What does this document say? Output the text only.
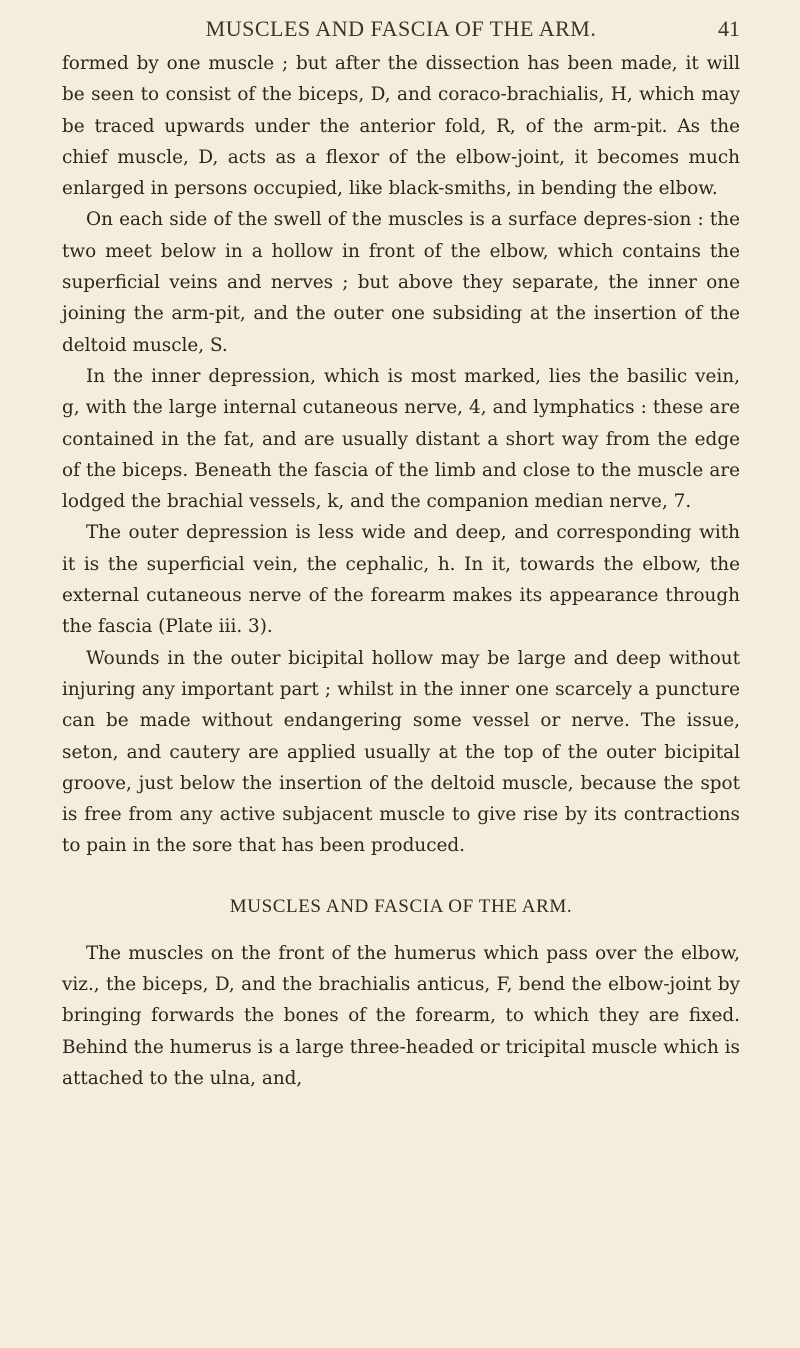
MUSCLES AND FASCIA OF THE ARM.	41

formed by one muscle ; but after the dissection has been made, it will be seen to consist of the biceps, D, and coraco-brachialis, H, which may be traced upwards under the anterior fold, R, of the arm-pit. As the chief muscle, D, acts as a flexor of the elbow-joint, it becomes much enlarged in persons occupied, like black-smiths, in bending the elbow.

On each side of the swell of the muscles is a surface depres-sion : the two meet below in a hollow in front of the elbow, which contains the superficial veins and nerves ; but above they separate, the inner one joining the arm-pit, and the outer one subsiding at the insertion of the deltoid muscle, S.

In the inner depression, which is most marked, lies the basilic vein, g, with the large internal cutaneous nerve, 4, and lymphatics : these are contained in the fat, and are usually distant a short way from the edge of the biceps. Beneath the fascia of the limb and close to the muscle are lodged the brachial vessels, k, and the companion median nerve, 7.

The outer depression is less wide and deep, and corresponding with it is the superficial vein, the cephalic, h. In it, towards the elbow, the external cutaneous nerve of the forearm makes its appearance through the fascia (Plate iii. 3).

Wounds in the outer bicipital hollow may be large and deep without injuring any important part ; whilst in the inner one scarcely a puncture can be made without endangering some vessel or nerve. The issue, seton, and cautery are applied usually at the top of the outer bicipital groove, just below the insertion of the deltoid muscle, because the spot is free from any active subjacent muscle to give rise by its contractions to pain in the sore that has been produced.

MUSCLES AND FASCIA OF THE ARM.

The muscles on the front of the humerus which pass over the elbow, viz., the biceps, D, and the brachialis anticus, F, bend the elbow-joint by bringing forwards the bones of the forearm, to which they are fixed. Behind the humerus is a large three-headed or tricipital muscle which is attached to the ulna, and,
